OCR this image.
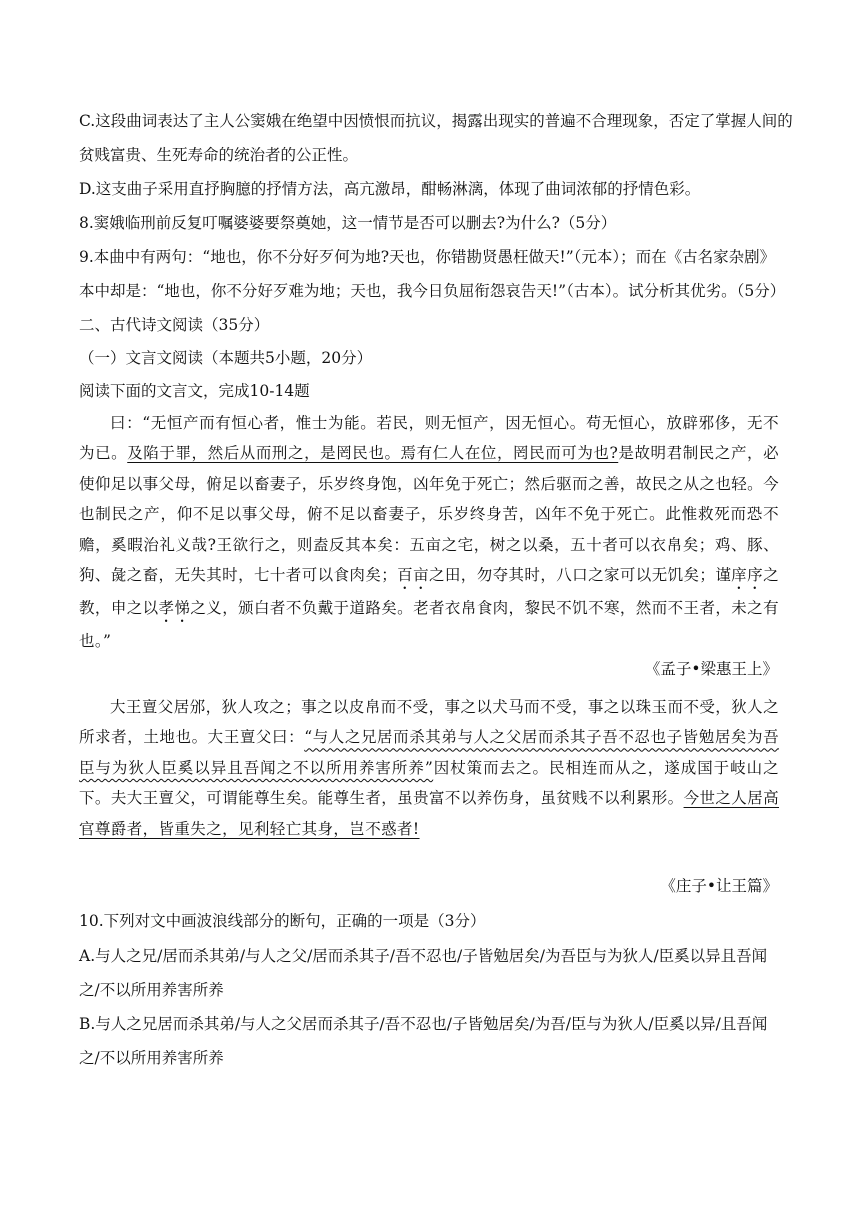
C.这段曲词表达了主人公窦娥在绝望中因愤恨而抗议，揭露出现实的普遍不合理现象，否定了掌握人间的
贫贱富贵、生死寿命的统治者的公正性。
D.这支曲子采用直抒胸臆的抒情方法，高亢激昂，酣畅淋漓，体现了曲词浓郁的抒情色彩。
8.窦娥临刑前反复叮嘱婆婆要祭奠她，这一情节是否可以删去?为什么?（5分）
9.本曲中有两句：“地也，你不分好歹何为地?天也，你错勘贤愚枉做天!”（元本）；而在《古名家杂剧》
本中却是：“地也，你不分好歹难为地；天也，我今日负屈衔怨哀告天!”（古本）。试分析其优劣。（5分）
二、古代诗文阅读（35分）
（一）文言文阅读（本题共5小题，20分）
阅读下面的文言文，完成10-14题
曰：“无恒产而有恒心者，惟士为能。若民，则无恒产，因无恒心。苟无恒心，放辟邪侈，无不为已。及陷于罪，然后从而刑之，是罔民也。焉有仁人在位，罔民而可为也?是故明君制民之产，必使仰足以事父母，俯足以畜妻子，乐岁终身饱，凶年免于死亡；然后驱而之善，故民之从之也轻。今也制民之产，仰不足以事父母，俯不足以畜妻子，乐岁终身苦，凶年不免于死亡。此惟救死而恐不赡，奚暇治礼义哉?王欲行之，则盍反其本矣：五亩之宅，树之以桑，五十者可以衣帛矣；鸡、豚、狗、彘之畜，无失其时，七十者可以食肉矣；百亩之田，勿夺其时，八口之家可以无饥矣；谨庠序之教，申之以孝悌之义，颁白者不负戴于道路矣。老者衣帛食肉，黎民不饥不寒，然而不王者，未之有也。”
《孟子•梁惠王上》
大王亶父居邠，狄人攻之；事之以皮帛而不受，事之以犬马而不受，事之以珠玉而不受，狄人之所求者，土地也。大王亶父曰：“与人之兄居而杀其弟与人之父居而杀其子吾不忍也子皆勉居矣为吾臣与为狄人臣奚以异且吾闻之不以所用养害所养”因杖策而去之。民相连而从之，遂成国于岐山之下。夫大王亶父，可谓能尊生矣。能尊生者，虽贵富不以养伤身，虽贫贱不以利累形。今世之人居高官尊爵者，皆重失之，见利轻亡其身，岂不惑者!
《庄子•让王篇》
10.下列对文中画波浪线部分的断句，正确的一项是（3分）
A.与人之兄/居而杀其弟/与人之父/居而杀其子/吾不忍也/子皆勉居矣/为吾臣与为狄人/臣奚以异且吾闻
之/不以所用养害所养
B.与人之兄居而杀其弟/与人之父居而杀其子/吾不忍也/子皆勉居矣/为吾/臣与为狄人/臣奚以异/且吾闻
之/不以所用养害所养
